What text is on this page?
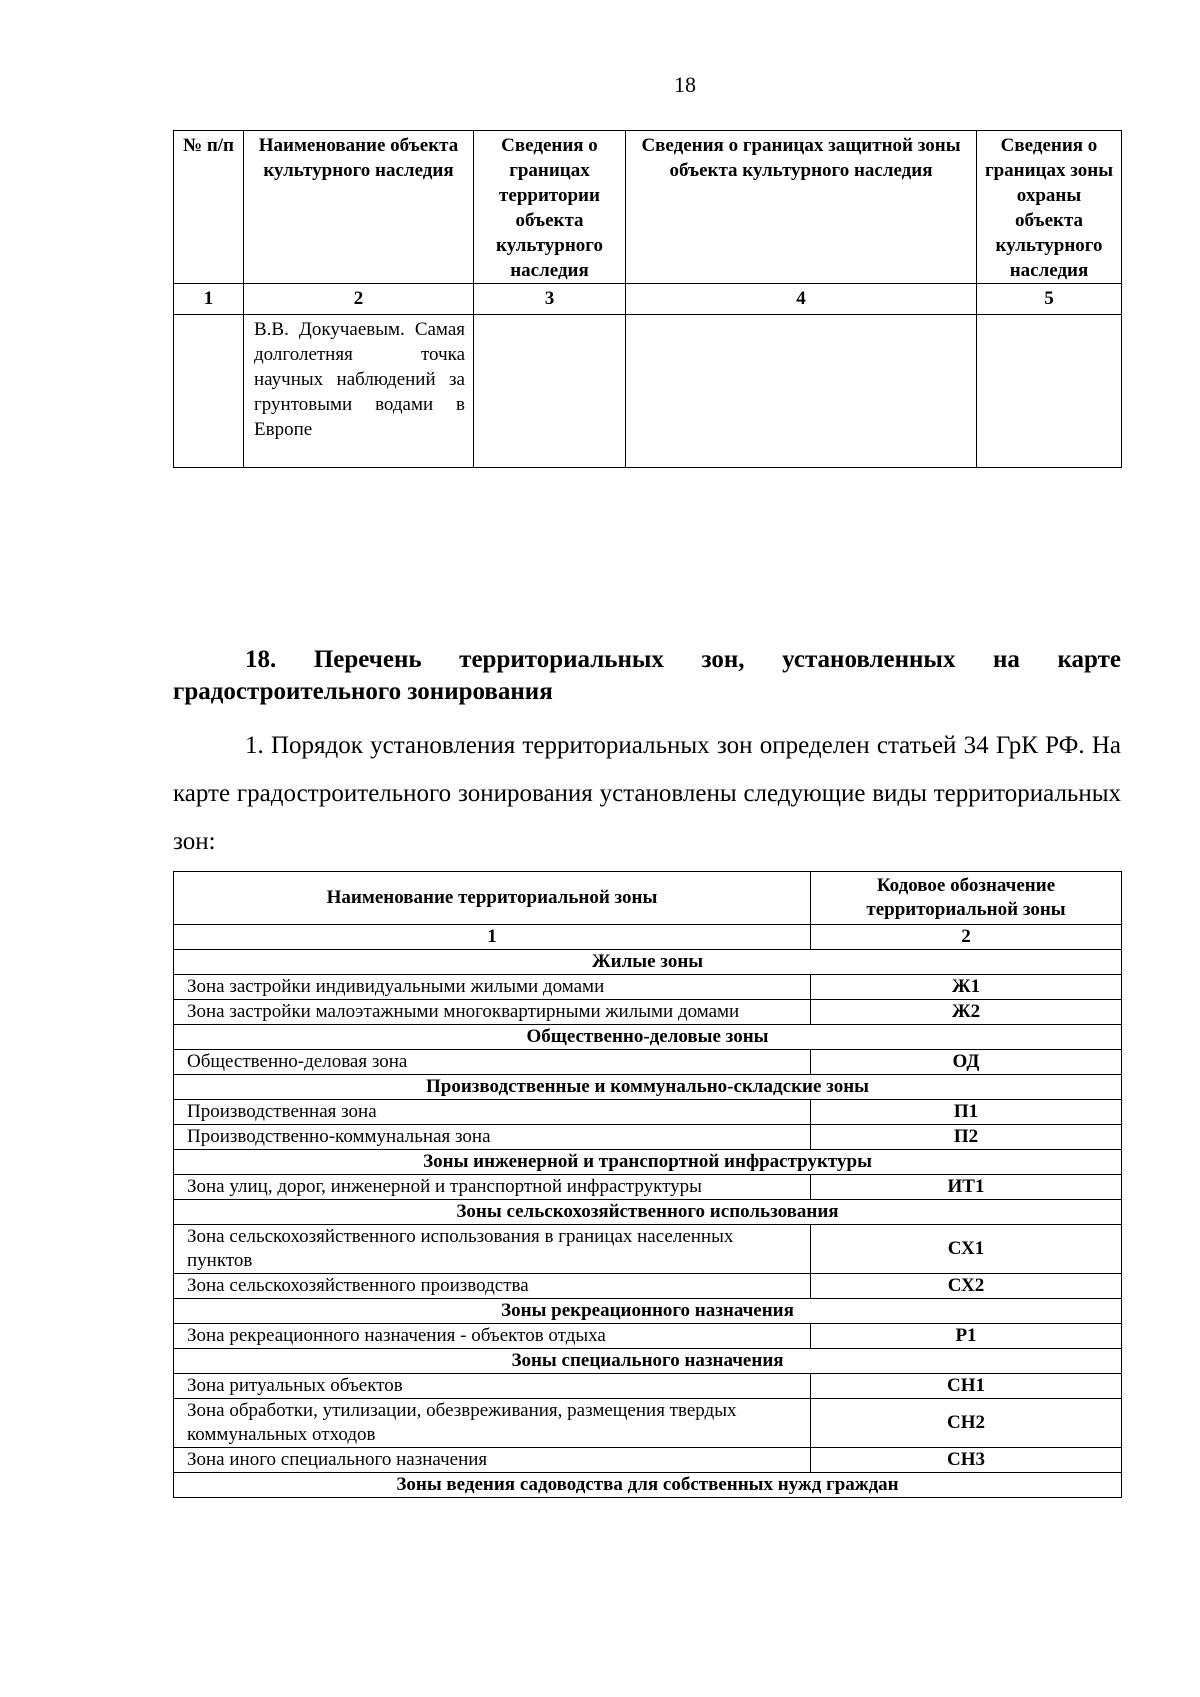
18
№ п/п	Наименование объекта культурного наследия	Сведения о границах территории объекта культурного наследия	Сведения о границах защитной зоны объекта культурного наследия	Сведения о границах зоны охраны объекта культурного наследия
1	2	3	4	5
	В.В. Докучаевым. Самая долголетняя точка научных наблюдений за грунтовыми водами в Европе			

18. Перечень территориальных зон, установленных на карте градостроительного зонирования

1. Порядок установления территориальных зон определен статьей 34 ГрК РФ. На карте градостроительного зонирования установлены следующие виды территориальных зон:

Наименование территориальной зоны	Кодовое обозначение территориальной зоны
1	2
Жилые зоны	
Зона застройки индивидуальными жилыми домами	Ж1
Зона застройки малоэтажными многоквартирными жилыми домами	Ж2
Общественно-деловые зоны	
Общественно-деловая зона	ОД
Производственные и коммунально-складские зоны	
Производственная зона	П1
Производственно-коммунальная зона	П2
Зоны инженерной и транспортной инфраструктуры	
Зона улиц, дорог, инженерной и транспортной инфраструктуры	ИТ1
Зоны сельскохозяйственного использования	
Зона сельскохозяйственного использования в границах населенных пунктов	СХ1
Зона сельскохозяйственного производства	СХ2
Зоны рекреационного назначения	
Зона рекреационного назначения - объектов отдыха	Р1
Зоны специального назначения	
Зона ритуальных объектов	СН1
Зона обработки, утилизации, обезвреживания, размещения твердых коммунальных отходов	СН2
Зона иного специального назначения	СН3
Зоны ведения садоводства для собственных нужд граждан	
